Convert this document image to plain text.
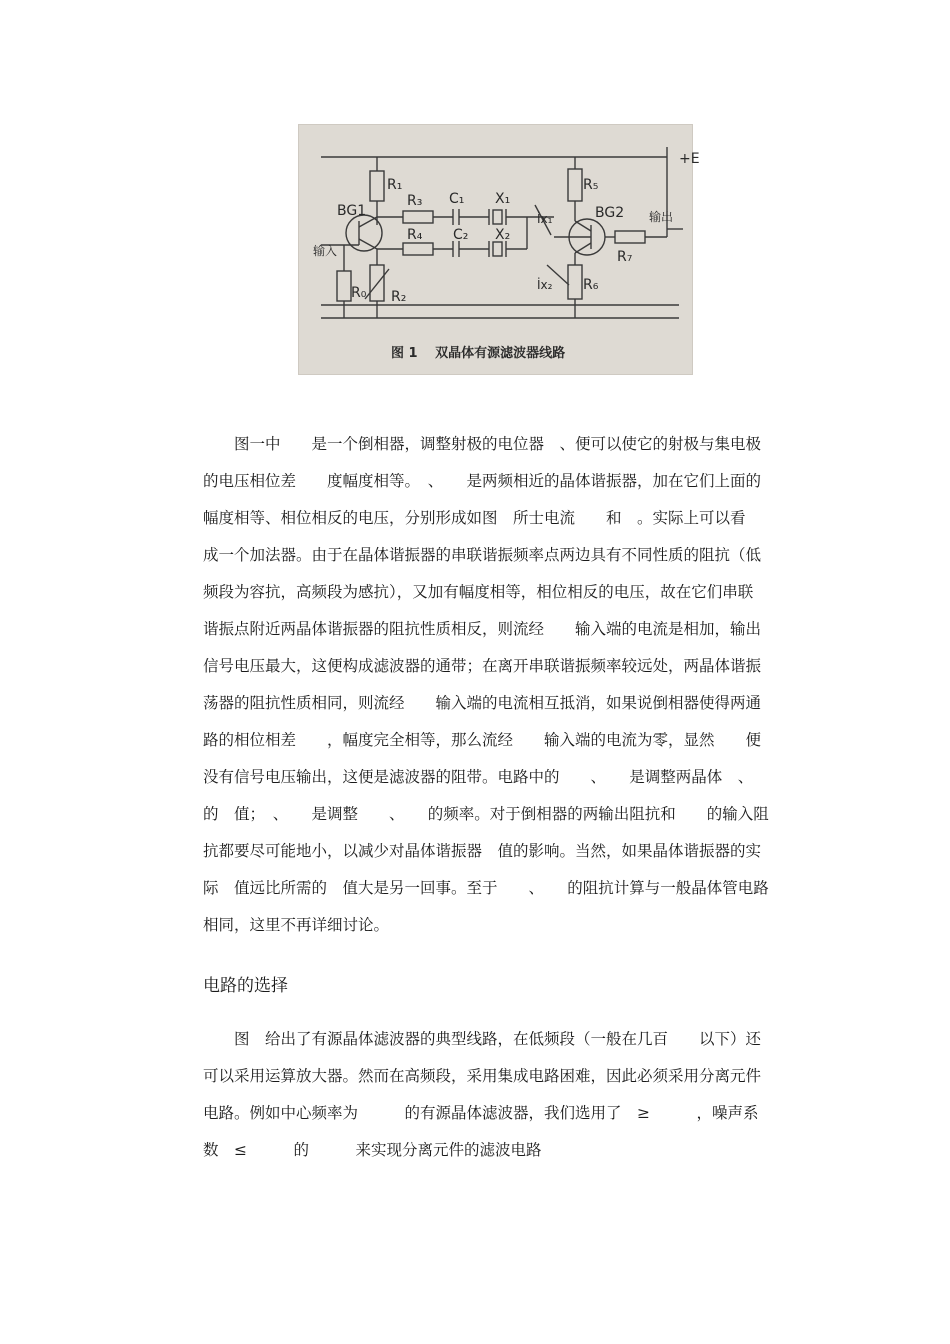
+E
输出
输入
BG1	BG2
R₁
R₃
R₄
R₅
R₆
R₇
R₀ R₂
C₁
C₂
X₁
X₂
İx₁
İx₂
图 1　 双晶体有源滤波器线路
　　图一中　　是一个倒相器，调整射极的电位器　、便可以使它的射极与集电极
的电压相位差　　度幅度相等。　、　　是两频相近的晶体谐振器，加在它们上面的
幅度相等、相位相反的电压，分别形成如图　所士电流　　和　。实际上可以看
成一个加法器。由于在晶体谐振器的串联谐振频率点两边具有不同性质的阻抗（低
频段为容抗，高频段为感抗），又加有幅度相等，相位相反的电压，故在它们串联
谐振点附近两晶体谐振器的阻抗性质相反，则流经　　输入端的电流是相加，输出
信号电压最大，这便构成滤波器的通带；在离开串联谐振频率较远处，两晶体谐振
荡器的阻抗性质相同，则流经　　输入端的电流相互抵消，如果说倒相器使得两通
路的相位相差　　，幅度完全相等，那么流经　　输入端的电流为零，显然　　便
没有信号电压输出，这便是滤波器的阻带。电路中的　　、　　是调整两晶体　、
的　值；　、　　是调整　　、　　的频率。对于倒相器的两输出阻抗和　　的输入阻
抗都要尽可能地小，以减少对晶体谐振器　值的影响。当然，如果晶体谐振器的实
际　值远比所需的　值大是另一回事。至于　　、　　的阻抗计算与一般晶体管电路
相同，这里不再详细讨论。
电路的选择
　　图　给出了有源晶体滤波器的典型线路，在低频段（一般在几百　　以下）还
可以采用运算放大器。然而在高频段，采用集成电路困难，因此必须采用分离元件
电路。例如中心频率为　　　的有源晶体滤波器，我们选用了　≥　　　，噪声系
数　≤　　　的　　　来实现分离元件的滤波电路
